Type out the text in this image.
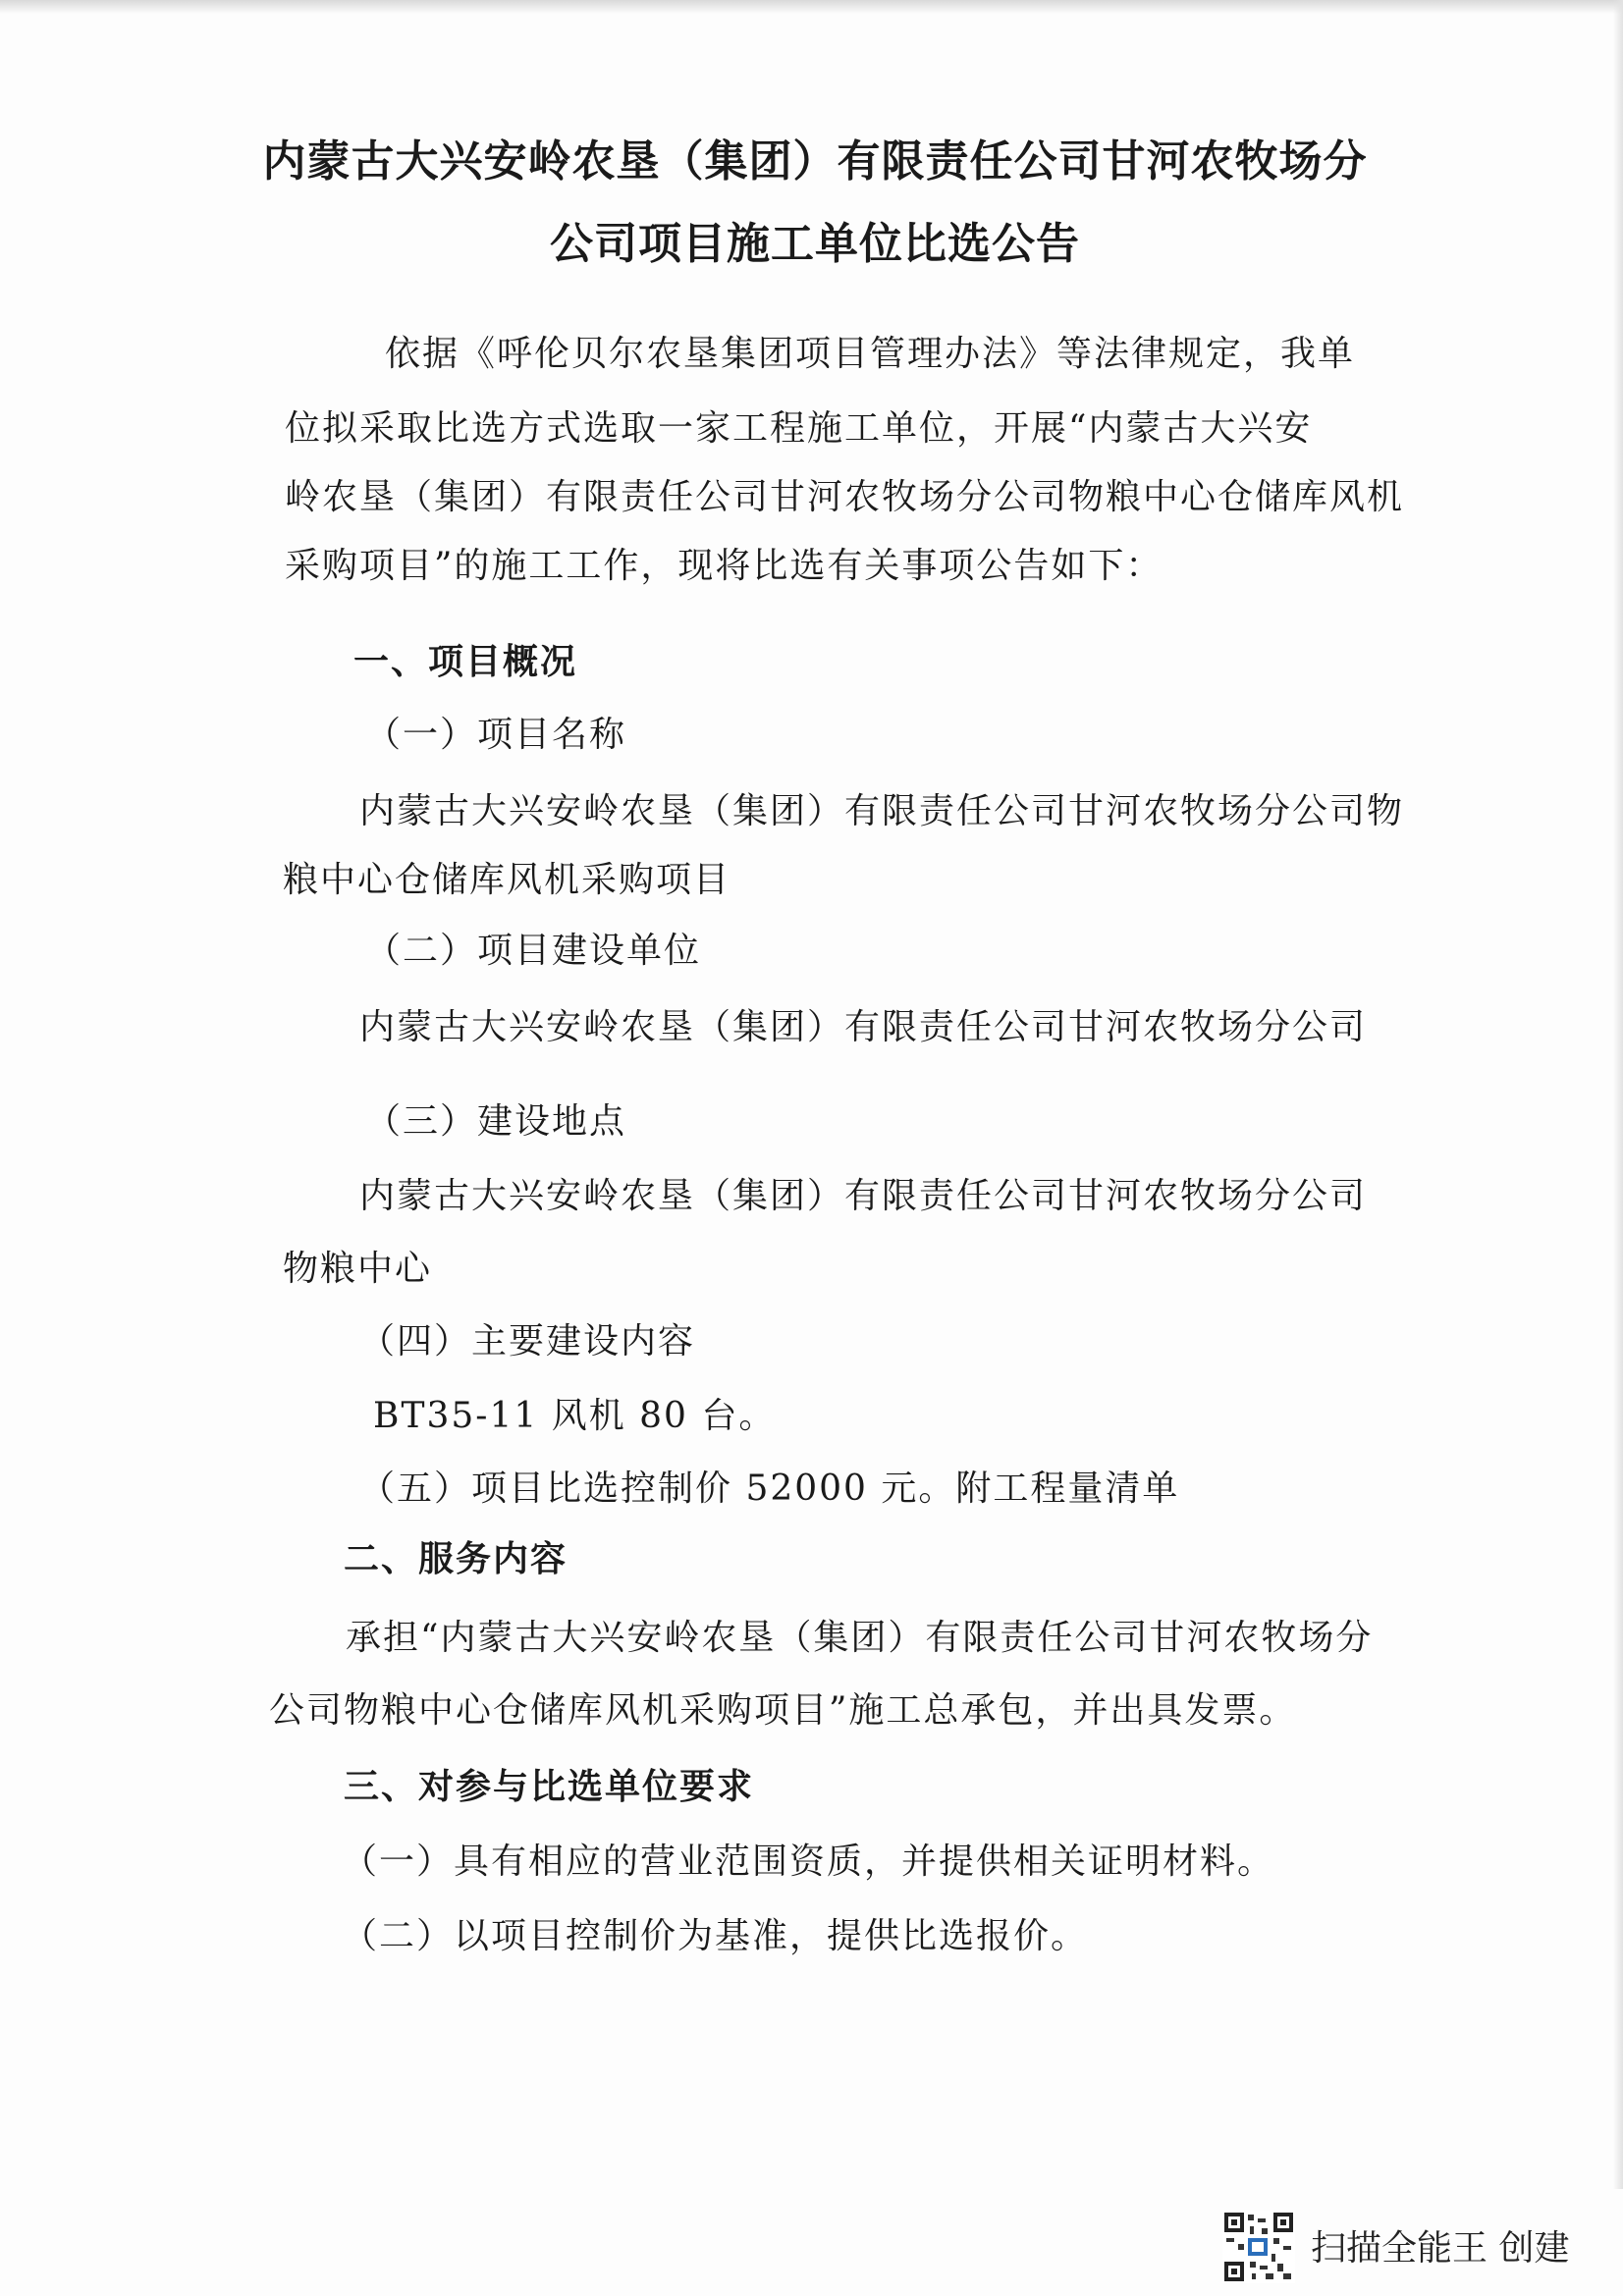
内蒙古大兴安岭农垦（集团）有限责任公司甘河农牧场分
公司项目施工单位比选公告
依据《呼伦贝尔农垦集团项目管理办法》等法律规定，我单
位拟采取比选方式选取一家工程施工单位，开展“内蒙古大兴安
岭农垦（集团）有限责任公司甘河农牧场分公司物粮中心仓储库风机
采购项目”的施工工作，现将比选有关事项公告如下：
一、项目概况
（一）项目名称
内蒙古大兴安岭农垦（集团）有限责任公司甘河农牧场分公司物
粮中心仓储库风机采购项目
（二）项目建设单位
内蒙古大兴安岭农垦（集团）有限责任公司甘河农牧场分公司
（三）建设地点
内蒙古大兴安岭农垦（集团）有限责任公司甘河农牧场分公司
物粮中心
（四）主要建设内容
BT35-11 风机 80 台。
（五）项目比选控制价 52000 元。附工程量清单
二、服务内容
承担“内蒙古大兴安岭农垦（集团）有限责任公司甘河农牧场分
公司物粮中心仓储库风机采购项目”施工总承包，并出具发票。
三、对参与比选单位要求
（一）具有相应的营业范围资质，并提供相关证明材料。
（二）以项目控制价为基准，提供比选报价。
扫描全能王 创建
